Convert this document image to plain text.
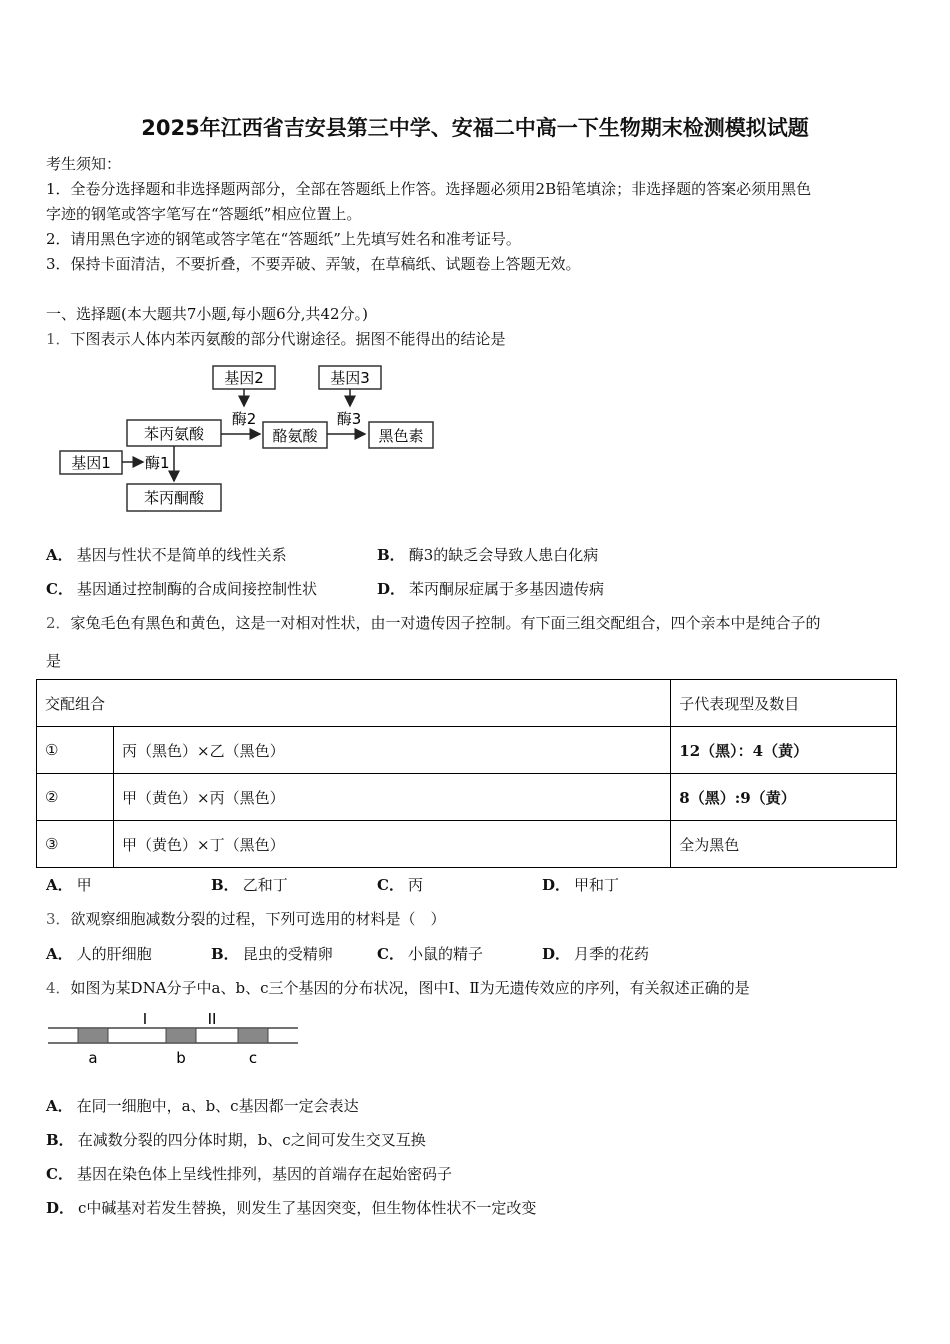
2025年江西省吉安县第三中学、安福二中高一下生物期末检测模拟试题
考生须知：
1．全卷分选择题和非选择题两部分，全部在答题纸上作答。选择题必须用2B铅笔填涂；非选择题的答案必须用黑色
字迹的钢笔或答字笔写在“答题纸”相应位置上。
2．请用黑色字迹的钢笔或答字笔在“答题纸”上先填写姓名和准考证号。
3．保持卡面清洁，不要折叠，不要弄破、弄皱，在草稿纸、试题卷上答题无效。
一、选择题(本大题共7小题,每小题6分,共42分。)
1．下图表示人体内苯丙氨酸的部分代谢途径。据图不能得出的结论是
基因2	基因3
苯丙氨酸
酶2
酪氨酸
酶3
黑色素
基因1 酶1
苯丙酮酸
A． 基因与性状不是简单的线性关系	B． 酶3的缺乏会导致人患白化病
C． 基因通过控制酶的合成间接控制性状	D． 苯丙酮尿症属于多基因遗传病
2．家兔毛色有黑色和黄色，这是一对相对性状，由一对遗传因子控制。有下面三组交配组合，四个亲本中是纯合子的
是
交配组合		子代表现型及数目
①	丙（黑色）×乙（黑色）	12（黑）：4（黄）
②	甲（黄色）×丙（黑色）	8（黑）:9（黄）
③	甲（黄色）×丁（黑色）	全为黑色
A． 甲	B． 乙和丁	C． 丙	D． 甲和丁
3．欲观察细胞减数分裂的过程，下列可选用的材料是（　）
A． 人的肝细胞	B． 昆虫的受精卵	C． 小鼠的精子	D． 月季的花药
4．如图为某DNA分子中a、b、c三个基因的分布状况，图中Ⅰ、Ⅱ为无遗传效应的序列，有关叙述正确的是
I	II
a	b	c
A． 在同一细胞中，a、b、c基因都一定会表达
B． 在减数分裂的四分体时期，b、c之间可发生交叉互换
C． 基因在染色体上呈线性排列，基因的首端存在起始密码子
D． c中碱基对若发生替换，则发生了基因突变，但生物体性状不一定改变
